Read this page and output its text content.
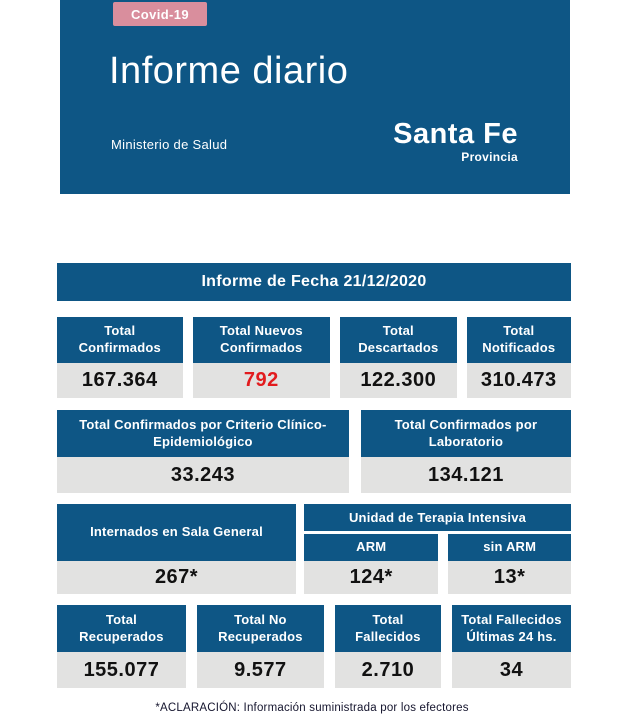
Covid-19
Informe diario
Ministerio de Salud	Santa Fe
Provincia
Informe de Fecha 21/12/2020
Total Confirmados
167.364
Total Nuevos Confirmados
792
Total Descartados
122.300
Total Notificados
310.473
Total Confirmados por Criterio Clínico-Epidemiológico
33.243
Total Confirmados por Laboratorio
134.121
Internados en Sala General
267*
Unidad de Terapia Intensiva
ARM
124*
sin ARM
13*
Total Recuperados
155.077
Total No Recuperados
9.577
Total Fallecidos
2.710
Total Fallecidos Últimas 24 hs.
34
*ACLARACIÓN: Información suministrada por los efectores
